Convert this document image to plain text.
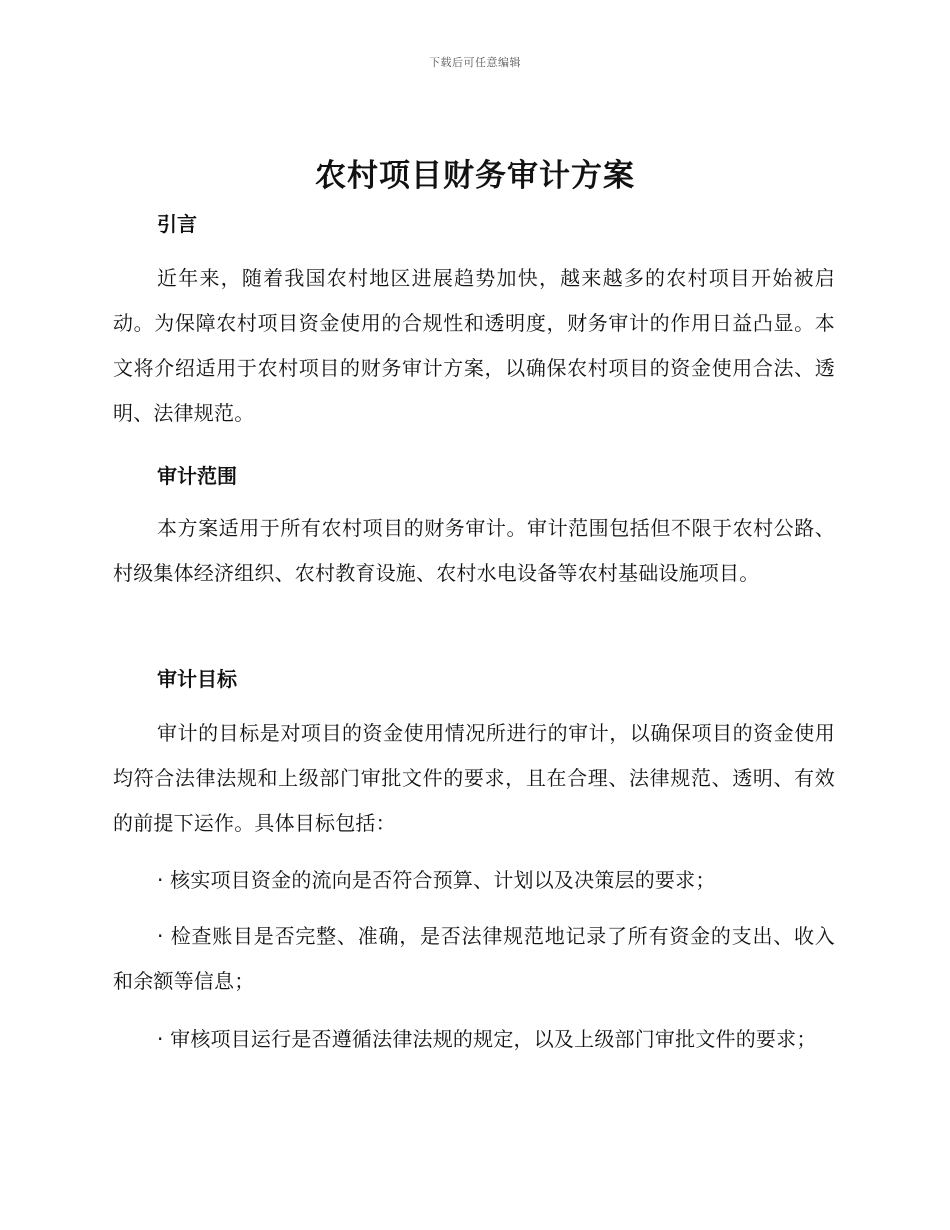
下载后可任意编辑
农村项目财务审计方案
引言

近年来，随着我国农村地区进展趋势加快，越来越多的农村项目开始被启动。为保障农村项目资金使用的合规性和透明度，财务审计的作用日益凸显。本文将介绍适用于农村项目的财务审计方案，以确保农村项目的资金使用合法、透明、法律规范。

审计范围

本方案适用于所有农村项目的财务审计。审计范围包括但不限于农村公路、村级集体经济组织、农村教育设施、农村水电设备等农村基础设施项目。

审计目标

审计的目标是对项目的资金使用情况所进行的审计，以确保项目的资金使用均符合法律法规和上级部门审批文件的要求，且在合理、法律规范、透明、有效的前提下运作。具体目标包括：

· 核实项目资金的流向是否符合预算、计划以及决策层的要求；

· 检查账目是否完整、准确，是否法律规范地记录了所有资金的支出、收入和余额等信息；

· 审核项目运行是否遵循法律法规的规定，以及上级部门审批文件的要求；
